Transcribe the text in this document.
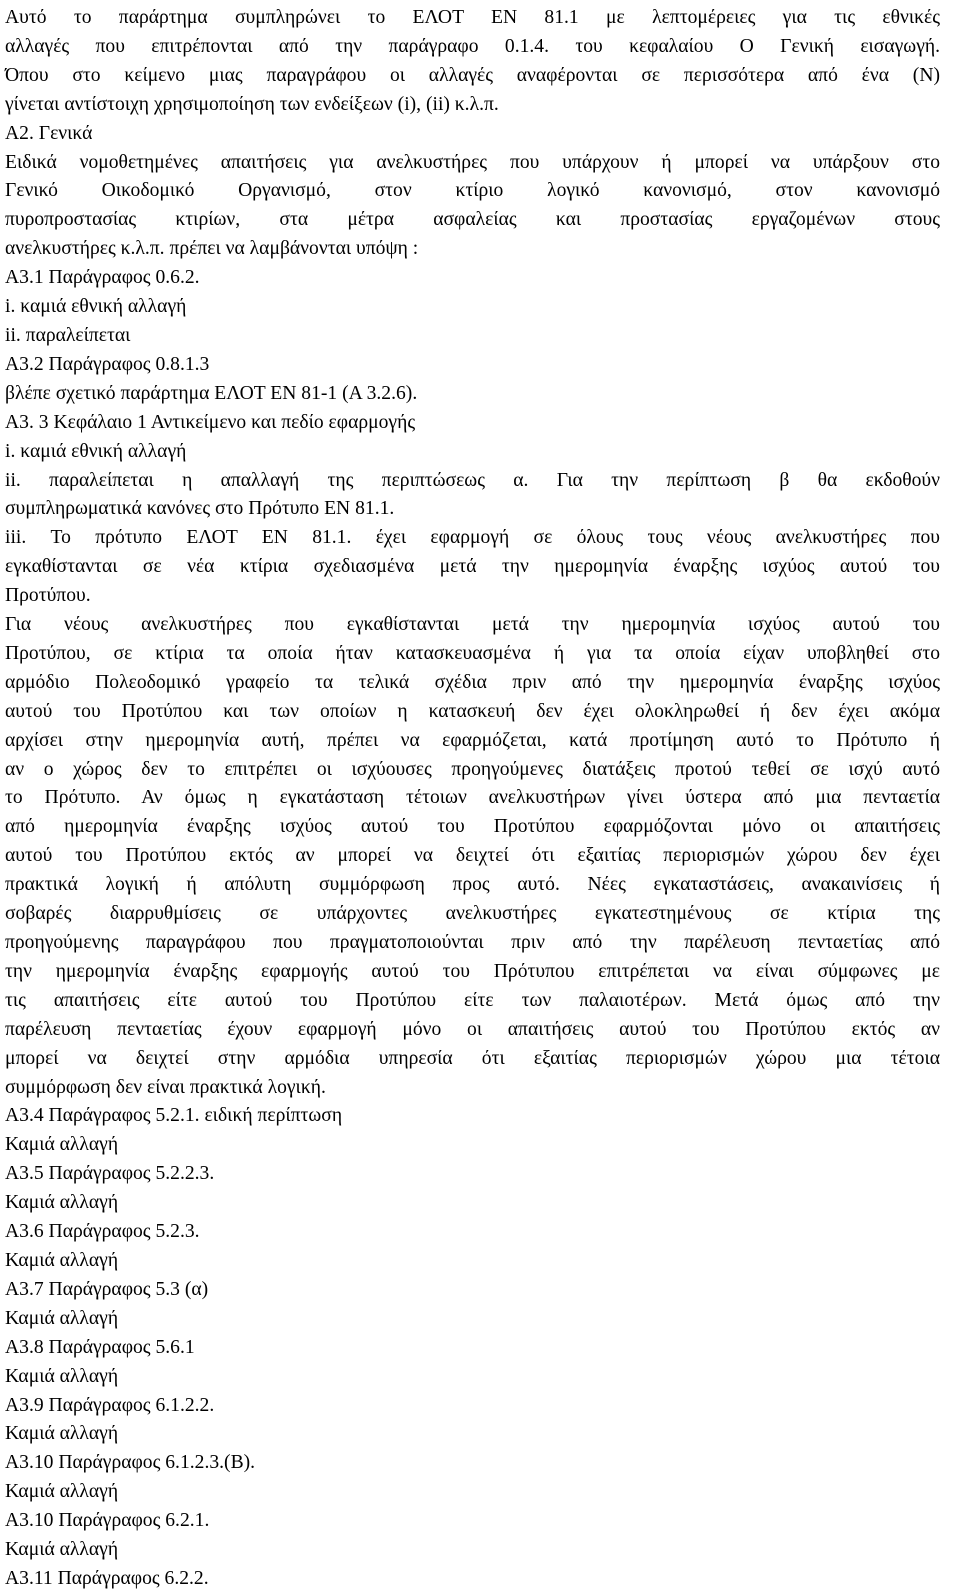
Αυτό το παράρτημα συμπληρώνει το ΕΛΟΤ ΕΝ 81.1 με λεπτομέρειες για τις εθνικές

αλλαγές που επιτρέπονται από την παράγραφο 0.1.4. του κεφαλαίου Ο Γενική εισαγωγή.

Όπου στο κείμενο μιας παραγράφου οι αλλαγές αναφέρονται σε περισσότερα από ένα (Ν)

γίνεται αντίστοιχη χρησιμοποίηση των ενδείξεων (i), (ii) κ.λ.π.

Α2. Γενικά

Ειδικά νομοθετημένες απαιτήσεις για ανελκυστήρες που υπάρχουν ή μπορεί να υπάρξουν στο

Γενικό Οικοδομικό Οργανισμό, στον κτίριο λογικό κανονισμό, στον κανονισμό

πυροπροστασίας κτιρίων, στα μέτρα ασφαλείας και προστασίας εργαζομένων στους

ανελκυστήρες κ.λ.π. πρέπει να λαμβάνονται υπόψη :

Α3.1 Παράγραφος 0.6.2.

i. καμιά εθνική αλλαγή

ii. παραλείπεται

Α3.2 Παράγραφος 0.8.1.3

βλέπε σχετικό παράρτημα ΕΛΟΤ ΕΝ 81-1 (Α 3.2.6).

Α3. 3 Κεφάλαιο 1 Αντικείμενο και πεδίο εφαρμογής

i. καμιά εθνική αλλαγή

ii. παραλείπεται η απαλλαγή της περιπτώσεως α. Για την περίπτωση β θα εκδοθούν

συμπληρωματικά κανόνες στο Πρότυπο ΕΝ 81.1.

iii. Το πρότυπο ΕΛΟΤ ΕΝ 81.1. έχει εφαρμογή σε όλους τους νέους ανελκυστήρες που

εγκαθίστανται σε νέα κτίρια σχεδιασμένα μετά την ημερομηνία έναρξης ισχύος αυτού του

Προτύπου.

Για νέους ανελκυστήρες που εγκαθίστανται μετά την ημερομηνία ισχύος αυτού του

Προτύπου, σε κτίρια τα οποία ήταν κατασκευασμένα ή για τα οποία είχαν υποβληθεί στο

αρμόδιο Πολεοδομικό γραφείο τα τελικά σχέδια πριν από την ημερομηνία έναρξης ισχύος

αυτού του Προτύπου και των οποίων η κατασκευή δεν έχει ολοκληρωθεί ή δεν έχει ακόμα

αρχίσει στην ημερομηνία αυτή, πρέπει να εφαρμόζεται, κατά προτίμηση αυτό το Πρότυπο ή

αν ο χώρος δεν το επιτρέπει οι ισχύουσες προηγούμενες διατάξεις προτού τεθεί σε ισχύ αυτό

το Πρότυπο. Αν όμως η εγκατάσταση τέτοιων ανελκυστήρων γίνει ύστερα από μια πενταετία

από ημερομηνία έναρξης ισχύος αυτού του Προτύπου εφαρμόζονται μόνο οι απαιτήσεις

αυτού του Προτύπου εκτός αν μπορεί να δειχτεί ότι εξαιτίας περιορισμών χώρου δεν έχει

πρακτικά λογική ή απόλυτη συμμόρφωση προς αυτό. Νέες εγκαταστάσεις, ανακαινίσεις ή

σοβαρές διαρρυθμίσεις σε υπάρχοντες ανελκυστήρες εγκατεστημένους σε κτίρια της

προηγούμενης παραγράφου που πραγματοποιούνται πριν από την παρέλευση πενταετίας από

την ημερομηνία έναρξης εφαρμογής αυτού του Πρότυπου επιτρέπεται να είναι σύμφωνες με

τις απαιτήσεις είτε αυτού του Προτύπου είτε των παλαιοτέρων. Μετά όμως από την

παρέλευση πενταετίας έχουν εφαρμογή μόνο οι απαιτήσεις αυτού του Προτύπου εκτός αν

μπορεί να δειχτεί στην αρμόδια υπηρεσία ότι εξαιτίας περιορισμών χώρου μια τέτοια

συμμόρφωση δεν είναι πρακτικά λογική.

Α3.4 Παράγραφος 5.2.1. ειδική περίπτωση

Καμιά αλλαγή

Α3.5 Παράγραφος 5.2.2.3.

Καμιά αλλαγή

Α3.6 Παράγραφος 5.2.3.

Καμιά αλλαγή

Α3.7 Παράγραφος 5.3 (α)

Καμιά αλλαγή

Α3.8 Παράγραφος 5.6.1

Καμιά αλλαγή

Α3.9 Παράγραφος 6.1.2.2.

Καμιά αλλαγή

Α3.10 Παράγραφος 6.1.2.3.(Β).

Καμιά αλλαγή

Α3.10 Παράγραφος 6.2.1.

Καμιά αλλαγή

Α3.11 Παράγραφος 6.2.2.
